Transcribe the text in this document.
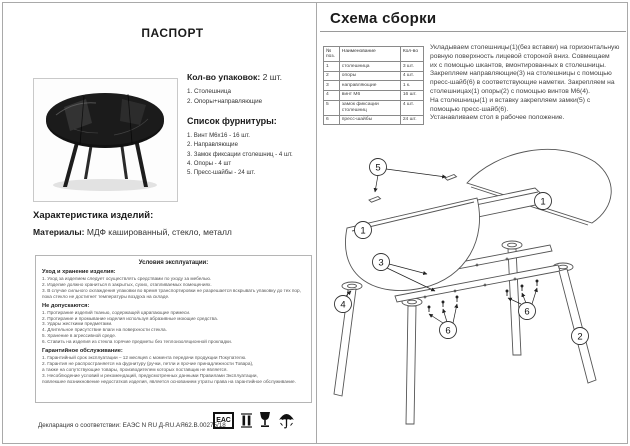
ПАСПОРТ
Кол-во упаковок: 2 шт.
1. Столешница
2. Опоры+направляющие
Список фурнитуры:
1. Винт М6х16 - 16 шт.
2. Направляющие
3. Замок фиксации столешниц - 4 шт.
4. Опоры - 4 шт
5. Пресс-шайбы - 24 шт.
Характеристика изделий:
Материалы: МДФ кашированный, стекло, металл
Условия эксплуатации:
Уход и хранение изделия:
1. Уход за изделием следует осуществлять средствами по уходу за мебелью.
2. Изделие должно храниться в закрытых, сухих, отапливаемых помещениях.
3. В случае сильного охлаждения упаковки во время транспортировки не разрешается вскрывать упаковку до тех пор,
пока стекло не достигнет температуры воздуха на складе.
Не допускаются:
1. Протирание изделий тканью, содержащей царапающие примеси.
2. Протирание и промывание изделия используя абразивные моющие средства.
3. Удары жесткими предметами.
4. Длительное присутствие влаги на поверхности стекла.
5. Хранение в агрессивной среде.
6. Ставить на изделия из стекла горячие предметы без теплоизоляционной прокладки.
Гарантийное обслуживание:
1. Гарантийный срок эксплуатации – 12 месяцев с момента передачи продукции Покупателю.
2. Гарантия не распространяется на фурнитуру (ручки, петли и прочие принадлежности Товара),
а также на сопутствующие товары, производителем которых поставщик не является.
3. Несоблюдение условий и рекомендаций, предусмотренных данными Правилами Эксплуатации,
повлекшее возникновение недостатков изделия, является основанием утраты права на гарантийное обслуживание.
Декларация о соответствии: ЕАЭС N RU Д-RU.АЯ62.В.00275/18
ЕАС
Схема сборки
№ поз.	Наименование	Кол-во
1	столешница	3 шт.
2	опоры	4 шт.
3	направляющие	1 к.
4	винт М6	16 шт.
5	замок фиксации столешниц	4 шт.
6	пресс-шайбы	24 шт.
Укладываем столешницы(1)(без вставки) на горизонтальную
ровную поверхность лицевой стороной вниз. Совмещаем
их с помощью шкантов, вмонтированных в столешницы.
Закрепляем направляющие(3) на столешницы с помощью
пресс-шайб(6) в соответствующие наметки. Закрепляем на
столешницах(1) опоры(2) с помощью винтов М6(4).
На столешницы(1) и вставку закрепляем замки(5) с
помощью пресс-шайб(6).
Устанавливаем стол в рабочее положение.
5
1
1
3
4
6
6
2
